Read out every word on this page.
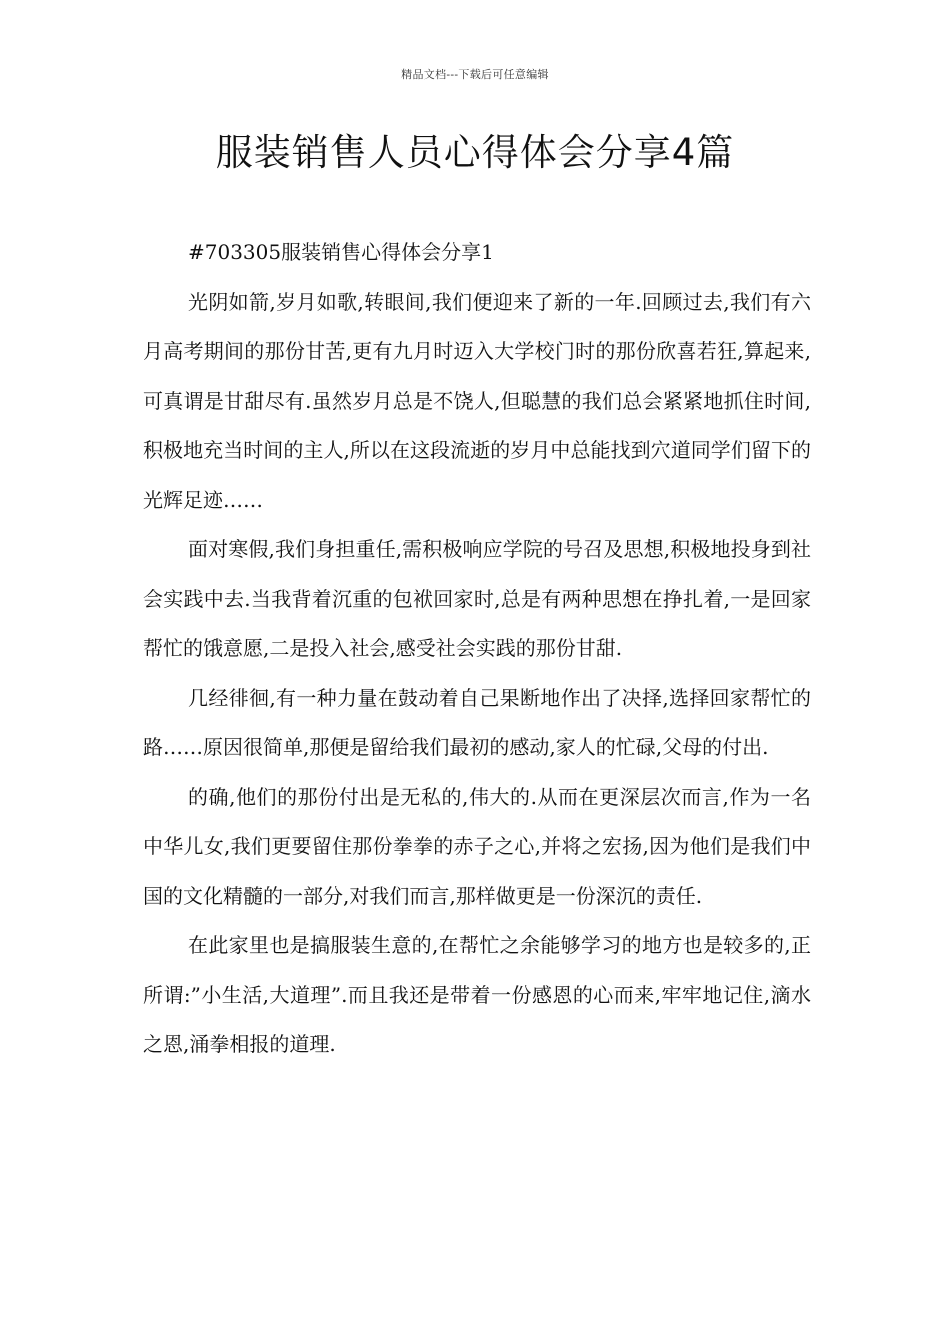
精品文档---下载后可任意编辑
服装销售人员心得体会分享4篇

#703305服装销售心得体会分享1

光阴如箭,岁月如歌,转眼间,我们便迎来了新的一年.回顾过去,我们有六月高考期间的那份甘苦,更有九月时迈入大学校门时的那份欣喜若狂,算起来,可真谓是甘甜尽有.虽然岁月总是不饶人,但聪慧的我们总会紧紧地抓住时间,积极地充当时间的主人,所以在这段流逝的岁月中总能找到穴道同学们留下的光辉足迹……

面对寒假,我们身担重任,需积极响应学院的号召及思想,积极地投身到社会实践中去.当我背着沉重的包袱回家时,总是有两种思想在挣扎着,一是回家帮忙的饿意愿,二是投入社会,感受社会实践的那份甘甜.

几经徘徊,有一种力量在鼓动着自己果断地作出了决择,选择回家帮忙的路……原因很简单,那便是留给我们最初的感动,家人的忙碌,父母的付出.

的确,他们的那份付出是无私的,伟大的.从而在更深层次而言,作为一名中华儿女,我们更要留住那份拳拳的赤子之心,并将之宏扬,因为他们是我们中国的文化精髓的一部分,对我们而言,那样做更是一份深沉的责任.

在此家里也是搞服装生意的,在帮忙之余能够学习的地方也是较多的,正所谓:”小生活,大道理”.而且我还是带着一份感恩的心而来,牢牢地记住,滴水之恩,涌拳相报的道理.
